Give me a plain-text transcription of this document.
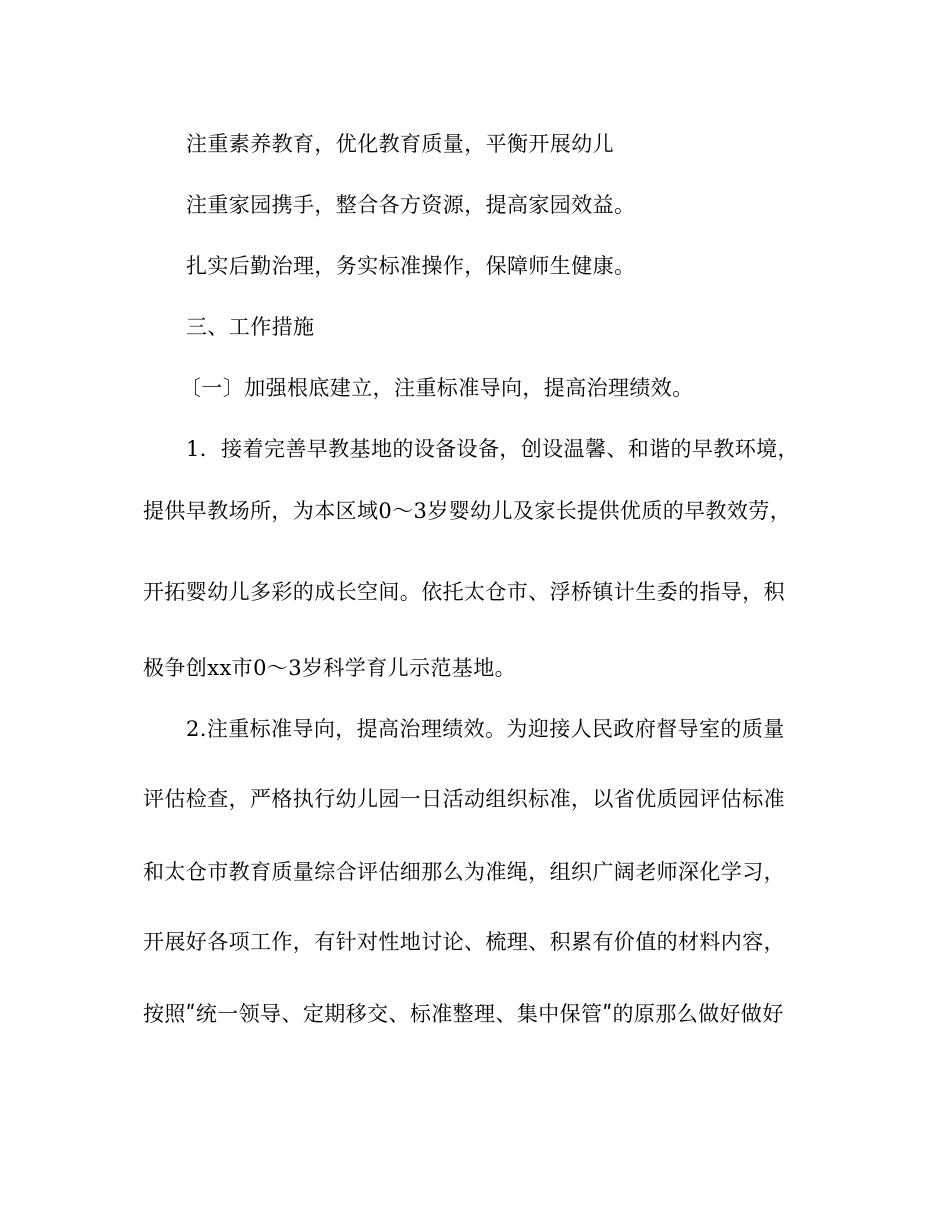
注重素养教育，优化教育质量，平衡开展幼儿
注重家园携手，整合各方资源，提高家园效益。
扎实后勤治理，务实标准操作，保障师生健康。
三、工作措施
〔一〕加强根底建立，注重标准导向，提高治理绩效。
1．接着完善早教基地的设备设备，创设温馨、和谐的早教环境，
提供早教场所，为本区域0～3岁婴幼儿及家长提供优质的早教效劳，
开拓婴幼儿多彩的成长空间。依托太仓市、浮桥镇计生委的指导，积
极争创xx市0～3岁科学育儿示范基地。
2.注重标准导向，提高治理绩效。为迎接人民政府督导室的质量
评估检查，严格执行幼儿园一日活动组织标准，以省优质园评估标准
和太仓市教育质量综合评估细那么为准绳，组织广阔老师深化学习，
开展好各项工作，有针对性地讨论、梳理、积累有价值的材料内容，
按照ʺ统一领导、定期移交、标准整理、集中保管ʺ的原那么做好做好
